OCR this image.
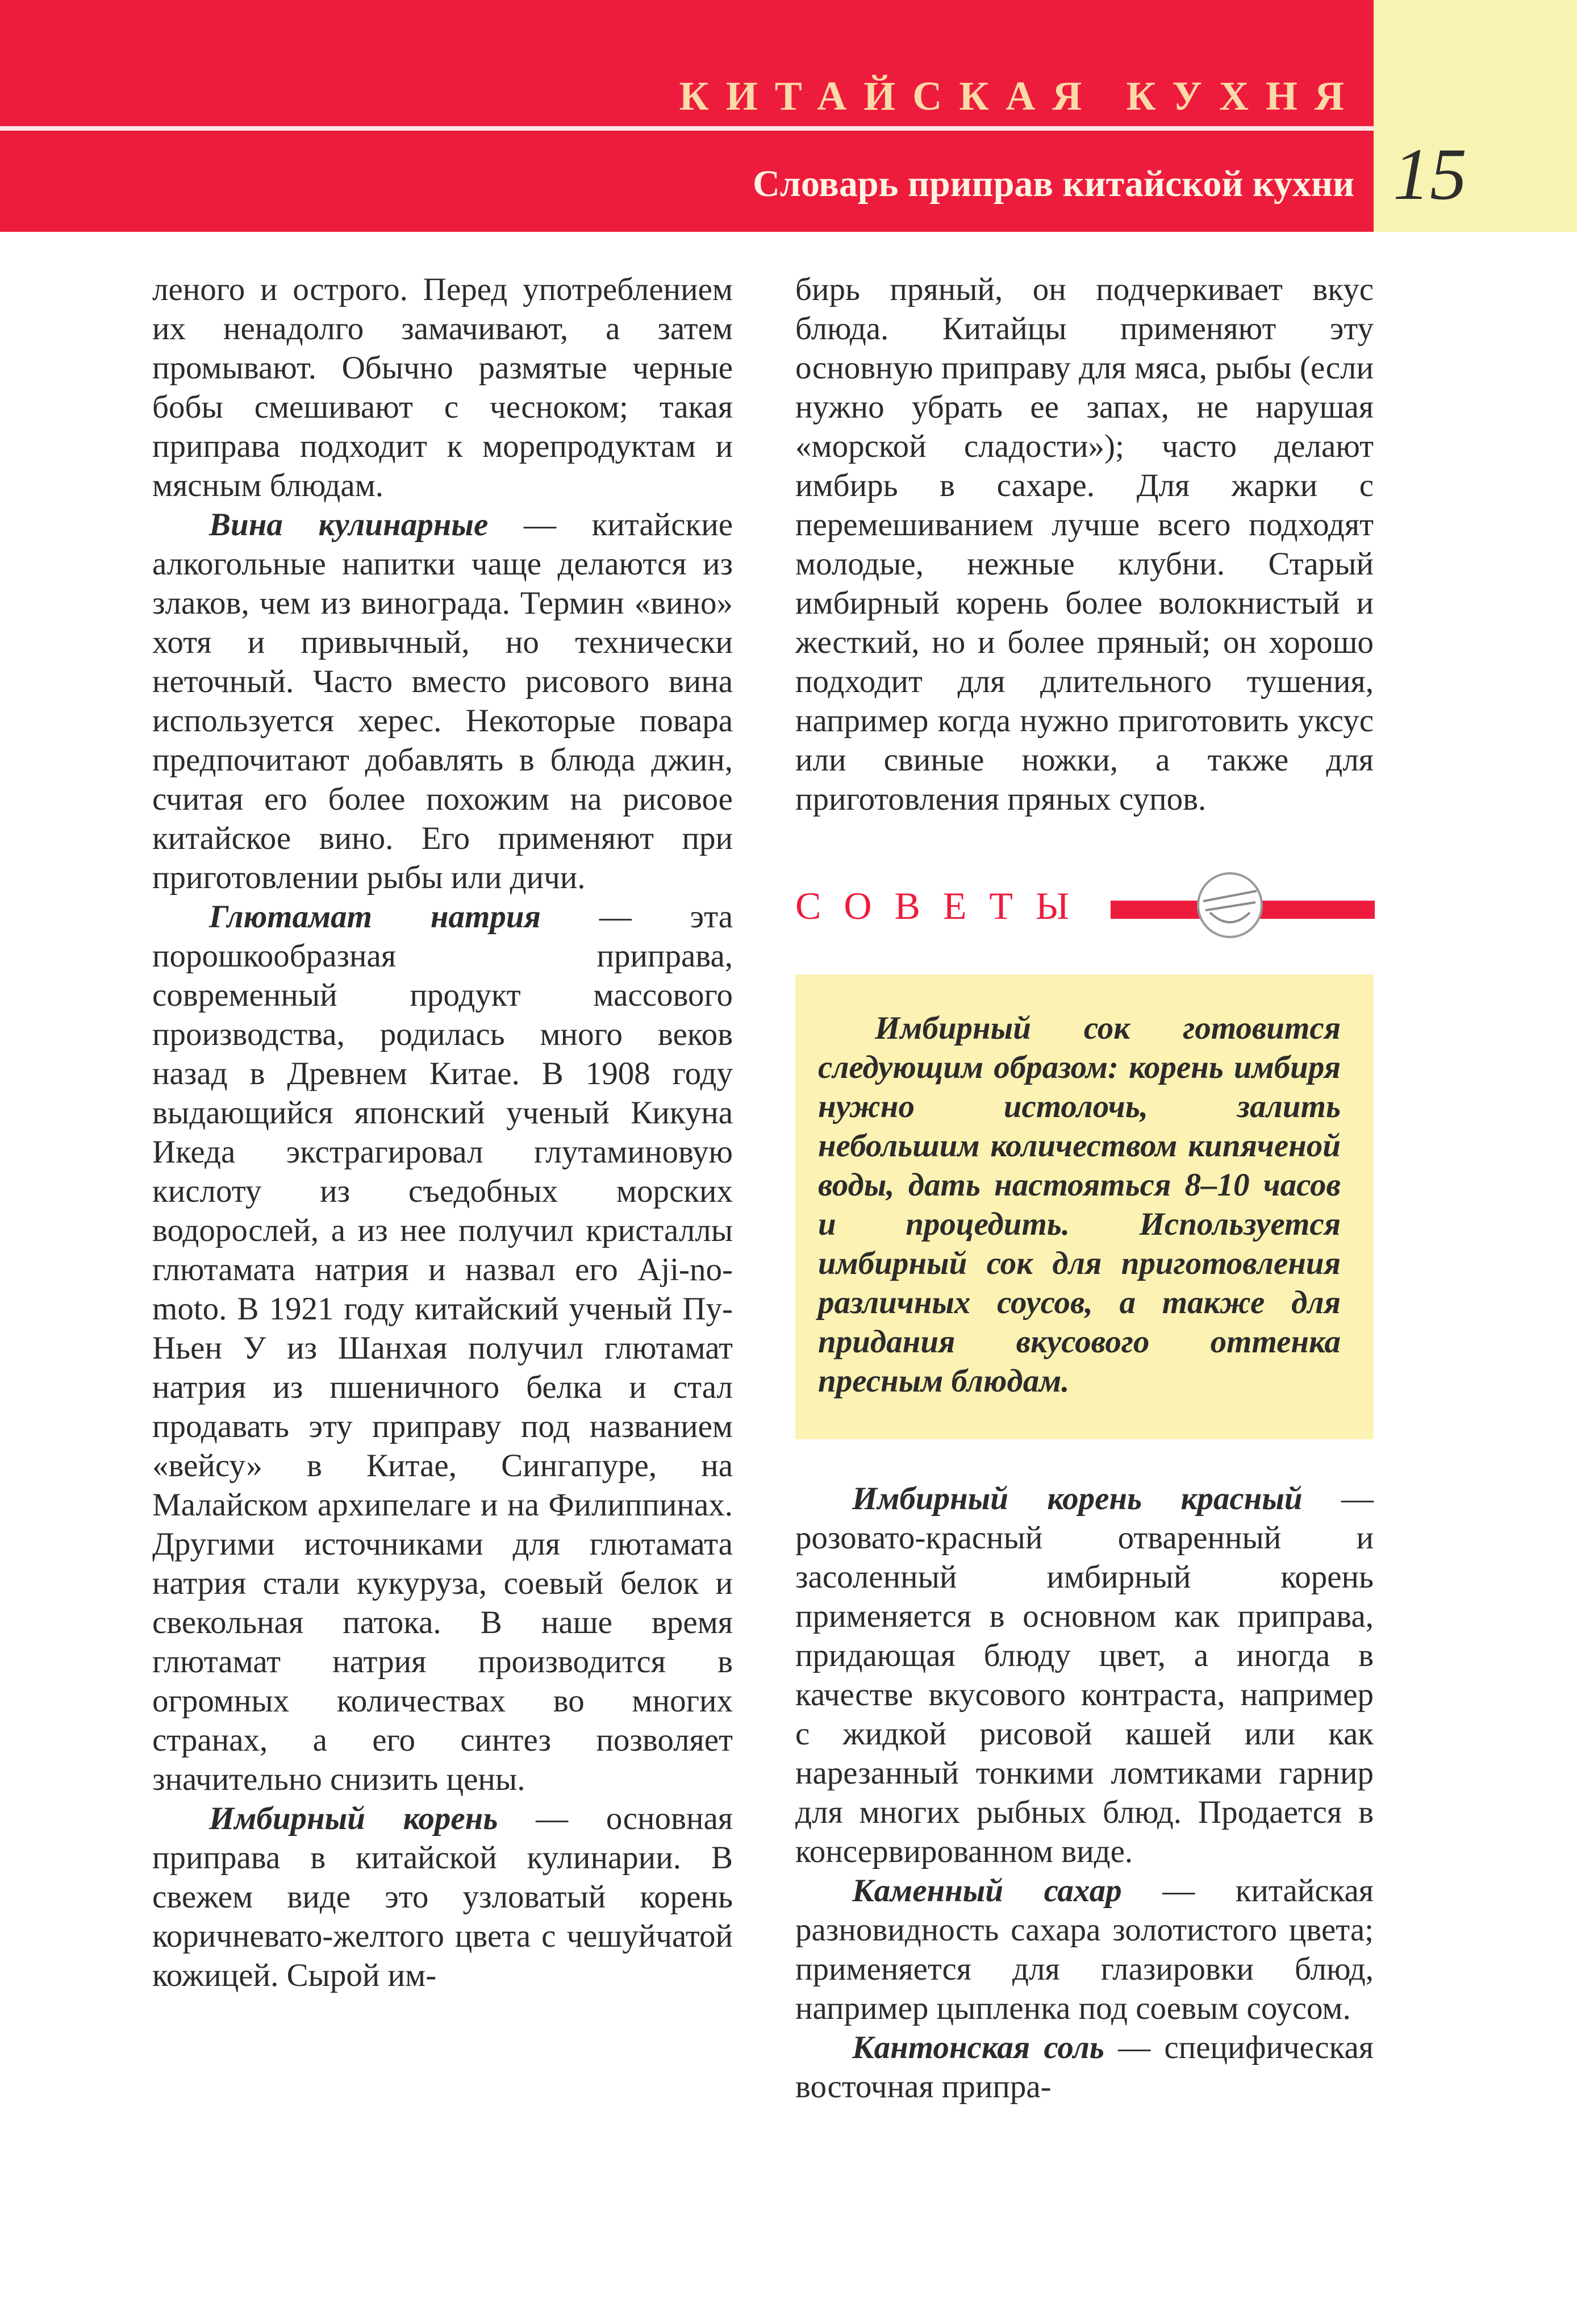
КИТАЙСКАЯ КУХНЯ
Словарь приправ китайской кухни 15

леного и острого. Перед употреблением их ненадолго замачивают, а затем промывают. Обычно размятые черные бобы смешивают с чесноком; такая приправа подходит к морепродуктам и мясным блюдам.

Вина кулинарные — китайские алкогольные напитки чаще делаются из злаков, чем из винограда. Термин «вино» хотя и привычный, но технически неточный. Часто вместо рисового вина используется херес. Некоторые повара предпочитают добавлять в блюда джин, считая его более похожим на рисовое китайское вино. Его применяют при приготовлении рыбы или дичи.

Глютамат натрия — эта порошкообразная приправа, современный продукт массового производства, родилась много веков назад в Древнем Китае. В 1908 году выдающийся японский ученый Кикуна Икеда экстрагировал глутаминовую кислоту из съедобных морских водорослей, а из нее получил кристаллы глютамата натрия и назвал его Aji-no-moto. В 1921 году китайский ученый Пу-Ньен У из Шанхая получил глютамат натрия из пшеничного белка и стал продавать эту приправу под названием «вейсу» в Китае, Сингапуре, на Малайском архипелаге и на Филиппинах. Другими источниками для глютамата натрия стали кукуруза, соевый белок и свекольная патока. В наше время глютамат натрия производится в огромных количествах во многих странах, а его синтез позволяет значительно снизить цены.

Имбирный корень — основная приправа в китайской кулинарии. В свежем виде это узловатый корень коричневато-желтого цвета с чешуйчатой кожицей. Сырой им-

бирь пряный, он подчеркивает вкус блюда. Китайцы применяют эту основную приправу для мяса, рыбы (если нужно убрать ее запах, не нарушая «морской сладости»); часто делают имбирь в сахаре. Для жарки с перемешиванием лучше всего подходят молодые, нежные клубни. Старый имбирный корень более волокнистый и жесткий, но и более пряный; он хорошо подходит для длительного тушения, например когда нужно приготовить уксус или свиные ножки, а также для приготовления пряных супов.

СОВЕТЫ

Имбирный сок готовится следующим образом: корень имбиря нужно истолочь, залить небольшим количеством кипяченой воды, дать настояться 8–10 часов и процедить. Используется имбирный сок для приготовления различных соусов, а также для придания вкусового оттенка пресным блюдам.

Имбирный корень красный — розовато-красный отваренный и засоленный имбирный корень применяется в основном как приправа, придающая блюду цвет, а иногда в качестве вкусового контраста, например с жидкой рисовой кашей или как нарезанный тонкими ломтиками гарнир для многих рыбных блюд. Продается в консервированном виде.

Каменный сахар — китайская разновидность сахара золотистого цвета; применяется для глазировки блюд, например цыпленка под соевым соусом.

Кантонская соль — специфическая восточная припра-
